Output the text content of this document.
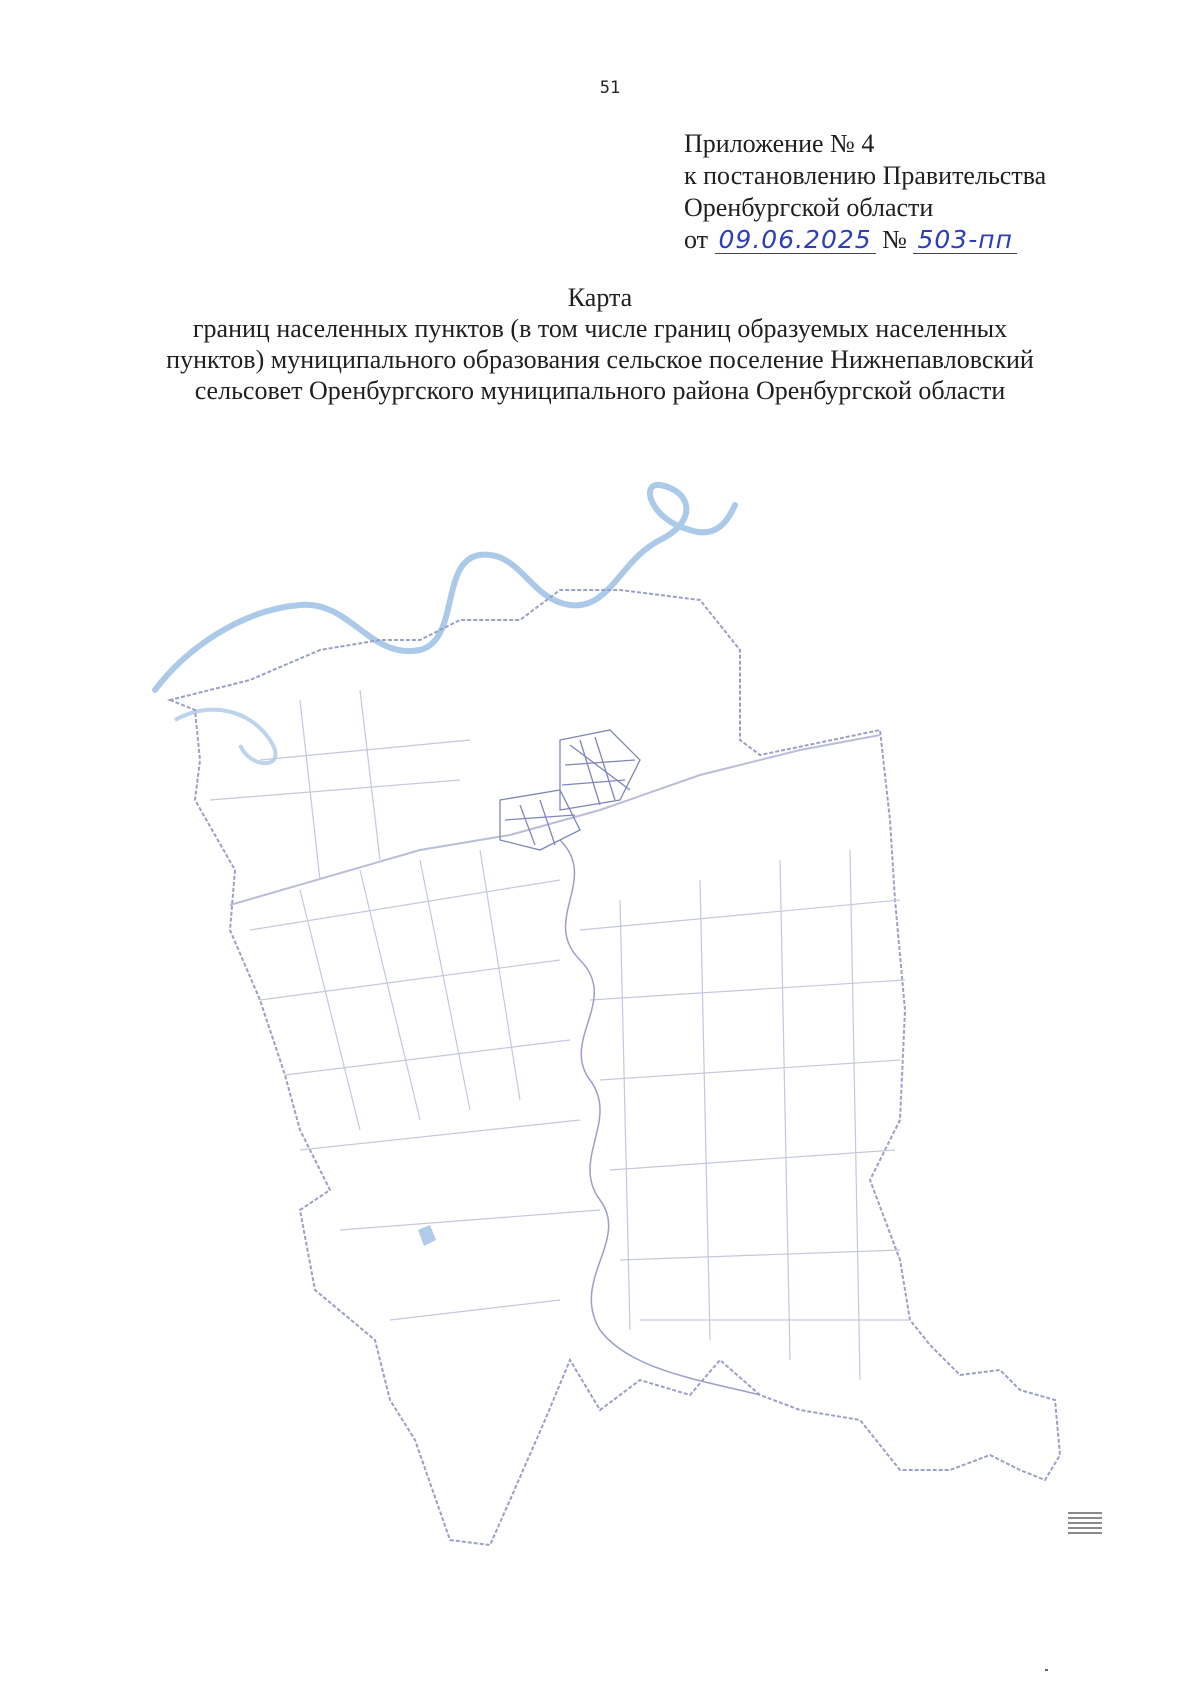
51
Приложение № 4
к постановлению Правительства
Оренбургской области
от 09.06.2025 № 503-пп
Карта
границ населенных пунктов (в том числе границ образуемых населенных
пунктов) муниципального образования сельское поселение Нижнепавловский
сельсовет Оренбургского муниципального района Оренбургской области
